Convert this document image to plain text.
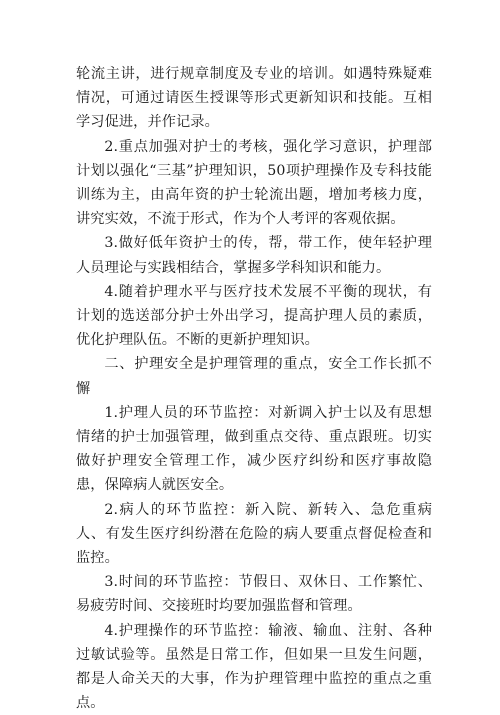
轮流主讲，进行规章制度及专业的培训。如遇特殊疑难情况，可通过请医生授课等形式更新知识和技能。互相学习促进，并作记录。

2.重点加强对护士的考核，强化学习意识，护理部计划以强化“三基”护理知识，50项护理操作及专科技能训练为主，由高年资的护士轮流出题，增加考核力度，讲究实效，不流于形式，作为个人考评的客观依据。

3.做好低年资护士的传，帮，带工作，使年轻护理人员理论与实践相结合，掌握多学科知识和能力。

4.随着护理水平与医疗技术发展不平衡的现状，有计划的选送部分护士外出学习，提高护理人员的素质，优化护理队伍。不断的更新护理知识。

二、护理安全是护理管理的重点，安全工作长抓不懈

1.护理人员的环节监控：对新调入护士以及有思想情绪的护士加强管理，做到重点交待、重点跟班。切实做好护理安全管理工作，减少医疗纠纷和医疗事故隐患，保障病人就医安全。

2.病人的环节监控：新入院、新转入、急危重病人、有发生医疗纠纷潜在危险的病人要重点督促检查和监控。

3.时间的环节监控：节假日、双休日、工作繁忙、易疲劳时间、交接班时均要加强监督和管理。

4.护理操作的环节监控：输液、输血、注射、各种过敏试验等。虽然是日常工作，但如果一旦发生问题，都是人命关天的大事，作为护理管理中监控的重点之重点。
